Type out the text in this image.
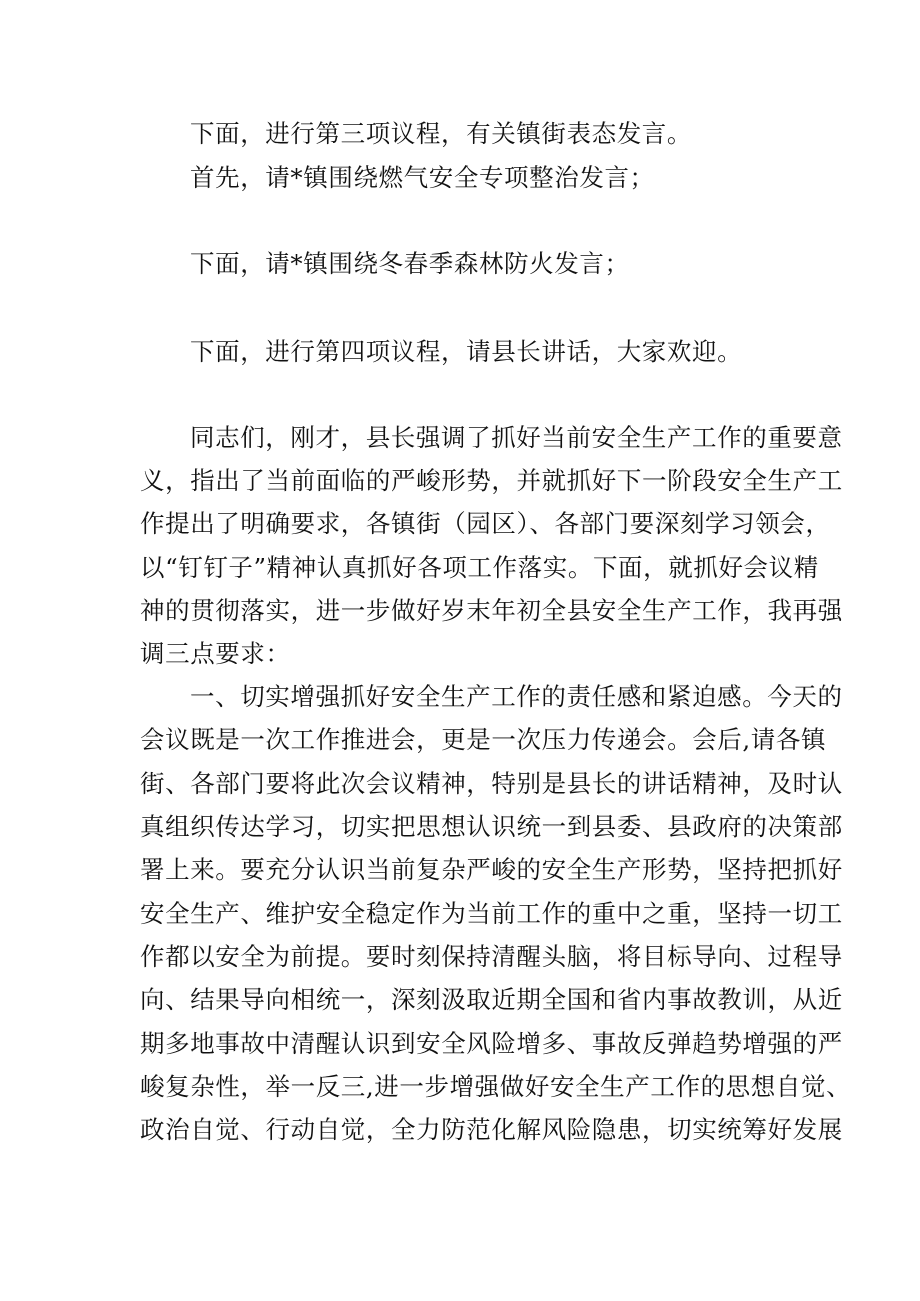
下面，进行第三项议程，有关镇街表态发言。
首先，请*镇围绕燃气安全专项整治发言；
下面，请*镇围绕冬春季森林防火发言；
下面，进行第四项议程，请县长讲话，大家欢迎。
同志们，刚才，县长强调了抓好当前安全生产工作的重要意
义，指出了当前面临的严峻形势，并就抓好下一阶段安全生产工
作提出了明确要求，各镇街（园区）、各部门要深刻学习领会，
以“钉钉子”精神认真抓好各项工作落实。下面，就抓好会议精
神的贯彻落实，进一步做好岁末年初全县安全生产工作，我再强
调三点要求：
一、切实增强抓好安全生产工作的责任感和紧迫感。今天的
会议既是一次工作推进会，更是一次压力传递会。会后,请各镇
街、各部门要将此次会议精神，特别是县长的讲话精神，及时认
真组织传达学习，切实把思想认识统一到县委、县政府的决策部
署上来。要充分认识当前复杂严峻的安全生产形势，坚持把抓好
安全生产、维护安全稳定作为当前工作的重中之重，坚持一切工
作都以安全为前提。要时刻保持清醒头脑，将目标导向、过程导
向、结果导向相统一，深刻汲取近期全国和省内事故教训，从近
期多地事故中清醒认识到安全风险增多、事故反弹趋势增强的严
峻复杂性，举一反三,进一步增强做好安全生产工作的思想自觉、
政治自觉、行动自觉，全力防范化解风险隐患，切实统筹好发展
